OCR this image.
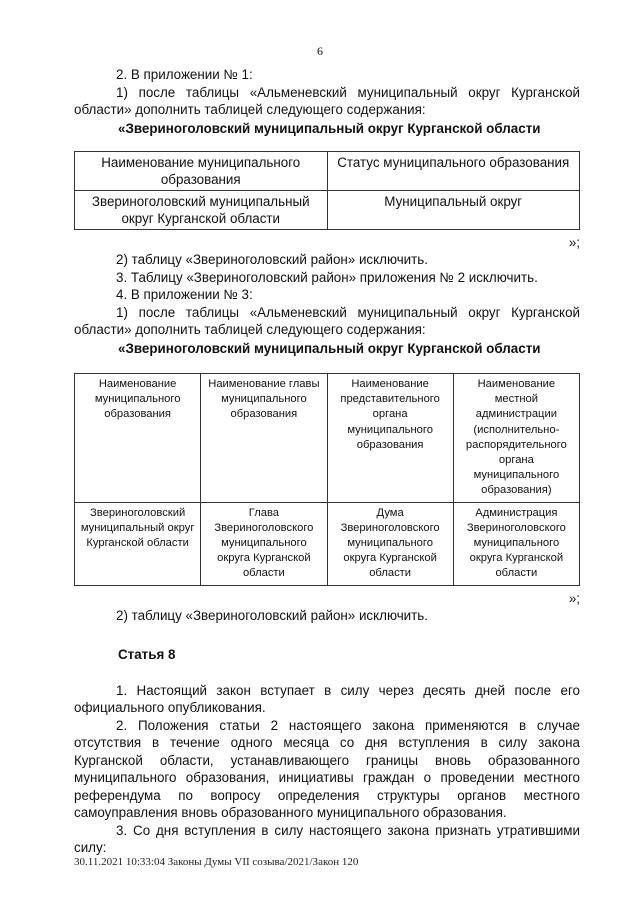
6

2. В приложении № 1:

1) после таблицы «Альменевский муниципальный округ Курганской области» дополнить таблицей следующего содержания:

«Звериноголовский муниципальный округ Курганской области

Наименование муниципального образования	Статус муниципального образования
Звериноголовский муниципальный округ Курганской области	Муниципальный округ
»;

2) таблицу «Звериноголовский район» исключить.

3. Таблицу «Звериноголовский район» приложения № 2 исключить.

4. В приложении № 3:

1) после таблицы «Альменевский муниципальный округ Курганской области» дополнить таблицей следующего содержания:

«Звериноголовский муниципальный округ Курганской области

Наименование муниципального образования	Наименование главы муниципального образования	Наименование представительного органа муниципального образования	Наименование местной администрации (исполнительно-распорядительного органа муниципального образования)
Звериноголовский муниципальный округ Курганской области	Глава Звериноголовского муниципального округа Курганской области	Дума Звериноголовского муниципального округа Курганской области	Администрация Звериноголовского муниципального округа Курганской области
»;

2) таблицу «Звериноголовский район» исключить.

Статья 8

1. Настоящий закон вступает в силу через десять дней после его официального опубликования.

2. Положения статьи 2 настоящего закона применяются в случае отсутствия в течение одного месяца со дня вступления в силу закона Курганской области, устанавливающего границы вновь образованного муниципального образования, инициативы граждан о проведении местного референдума по вопросу определения структуры органов местного самоуправления вновь образованного муниципального образования.

3. Со дня вступления в силу настоящего закона признать утратившими силу:

30.11.2021 10:33:04 Законы Думы VII созыва/2021/Закон 120
